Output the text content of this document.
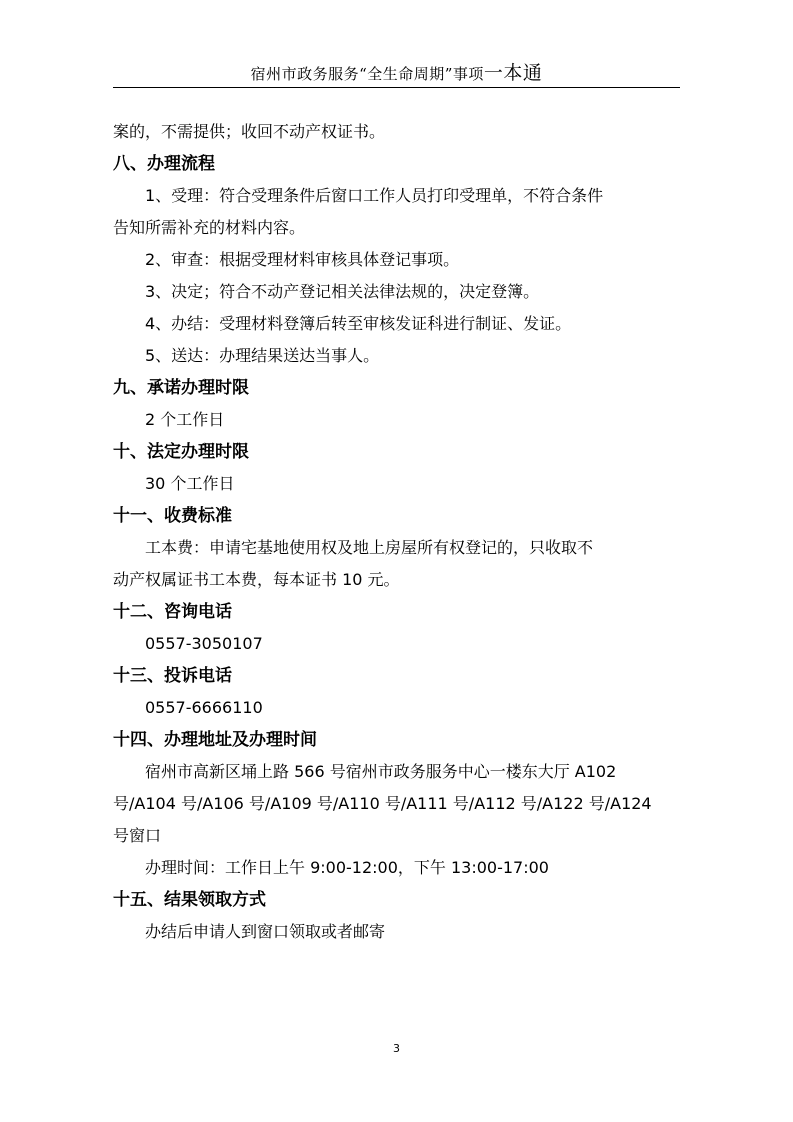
宿州市政务服务“全生命周期”事项一本通
案的，不需提供；收回不动产权证书。
八、办理流程
1、受理：符合受理条件后窗口工作人员打印受理单，不符合条件
告知所需补充的材料内容。
2、审查：根据受理材料审核具体登记事项。
3、决定；符合不动产登记相关法律法规的，决定登簿。
4、办结：受理材料登簿后转至审核发证科进行制证、发证。
5、送达：办理结果送达当事人。
九、承诺办理时限
2 个工作日
十、法定办理时限
30 个工作日
十一、收费标准
工本费：申请宅基地使用权及地上房屋所有权登记的，只收取不
动产权属证书工本费，每本证书 10 元。
十二、咨询电话
0557-3050107
十三、投诉电话
0557-6666110
十四、办理地址及办理时间
宿州市高新区埇上路 566 号宿州市政务服务中心一楼东大厅 A102
号/A104 号/A106 号/A109 号/A110 号/A111 号/A112 号/A122 号/A124
号窗口
办理时间：工作日上午 9:00-12:00，下午 13:00-17:00
十五、结果领取方式
办结后申请人到窗口领取或者邮寄
3
